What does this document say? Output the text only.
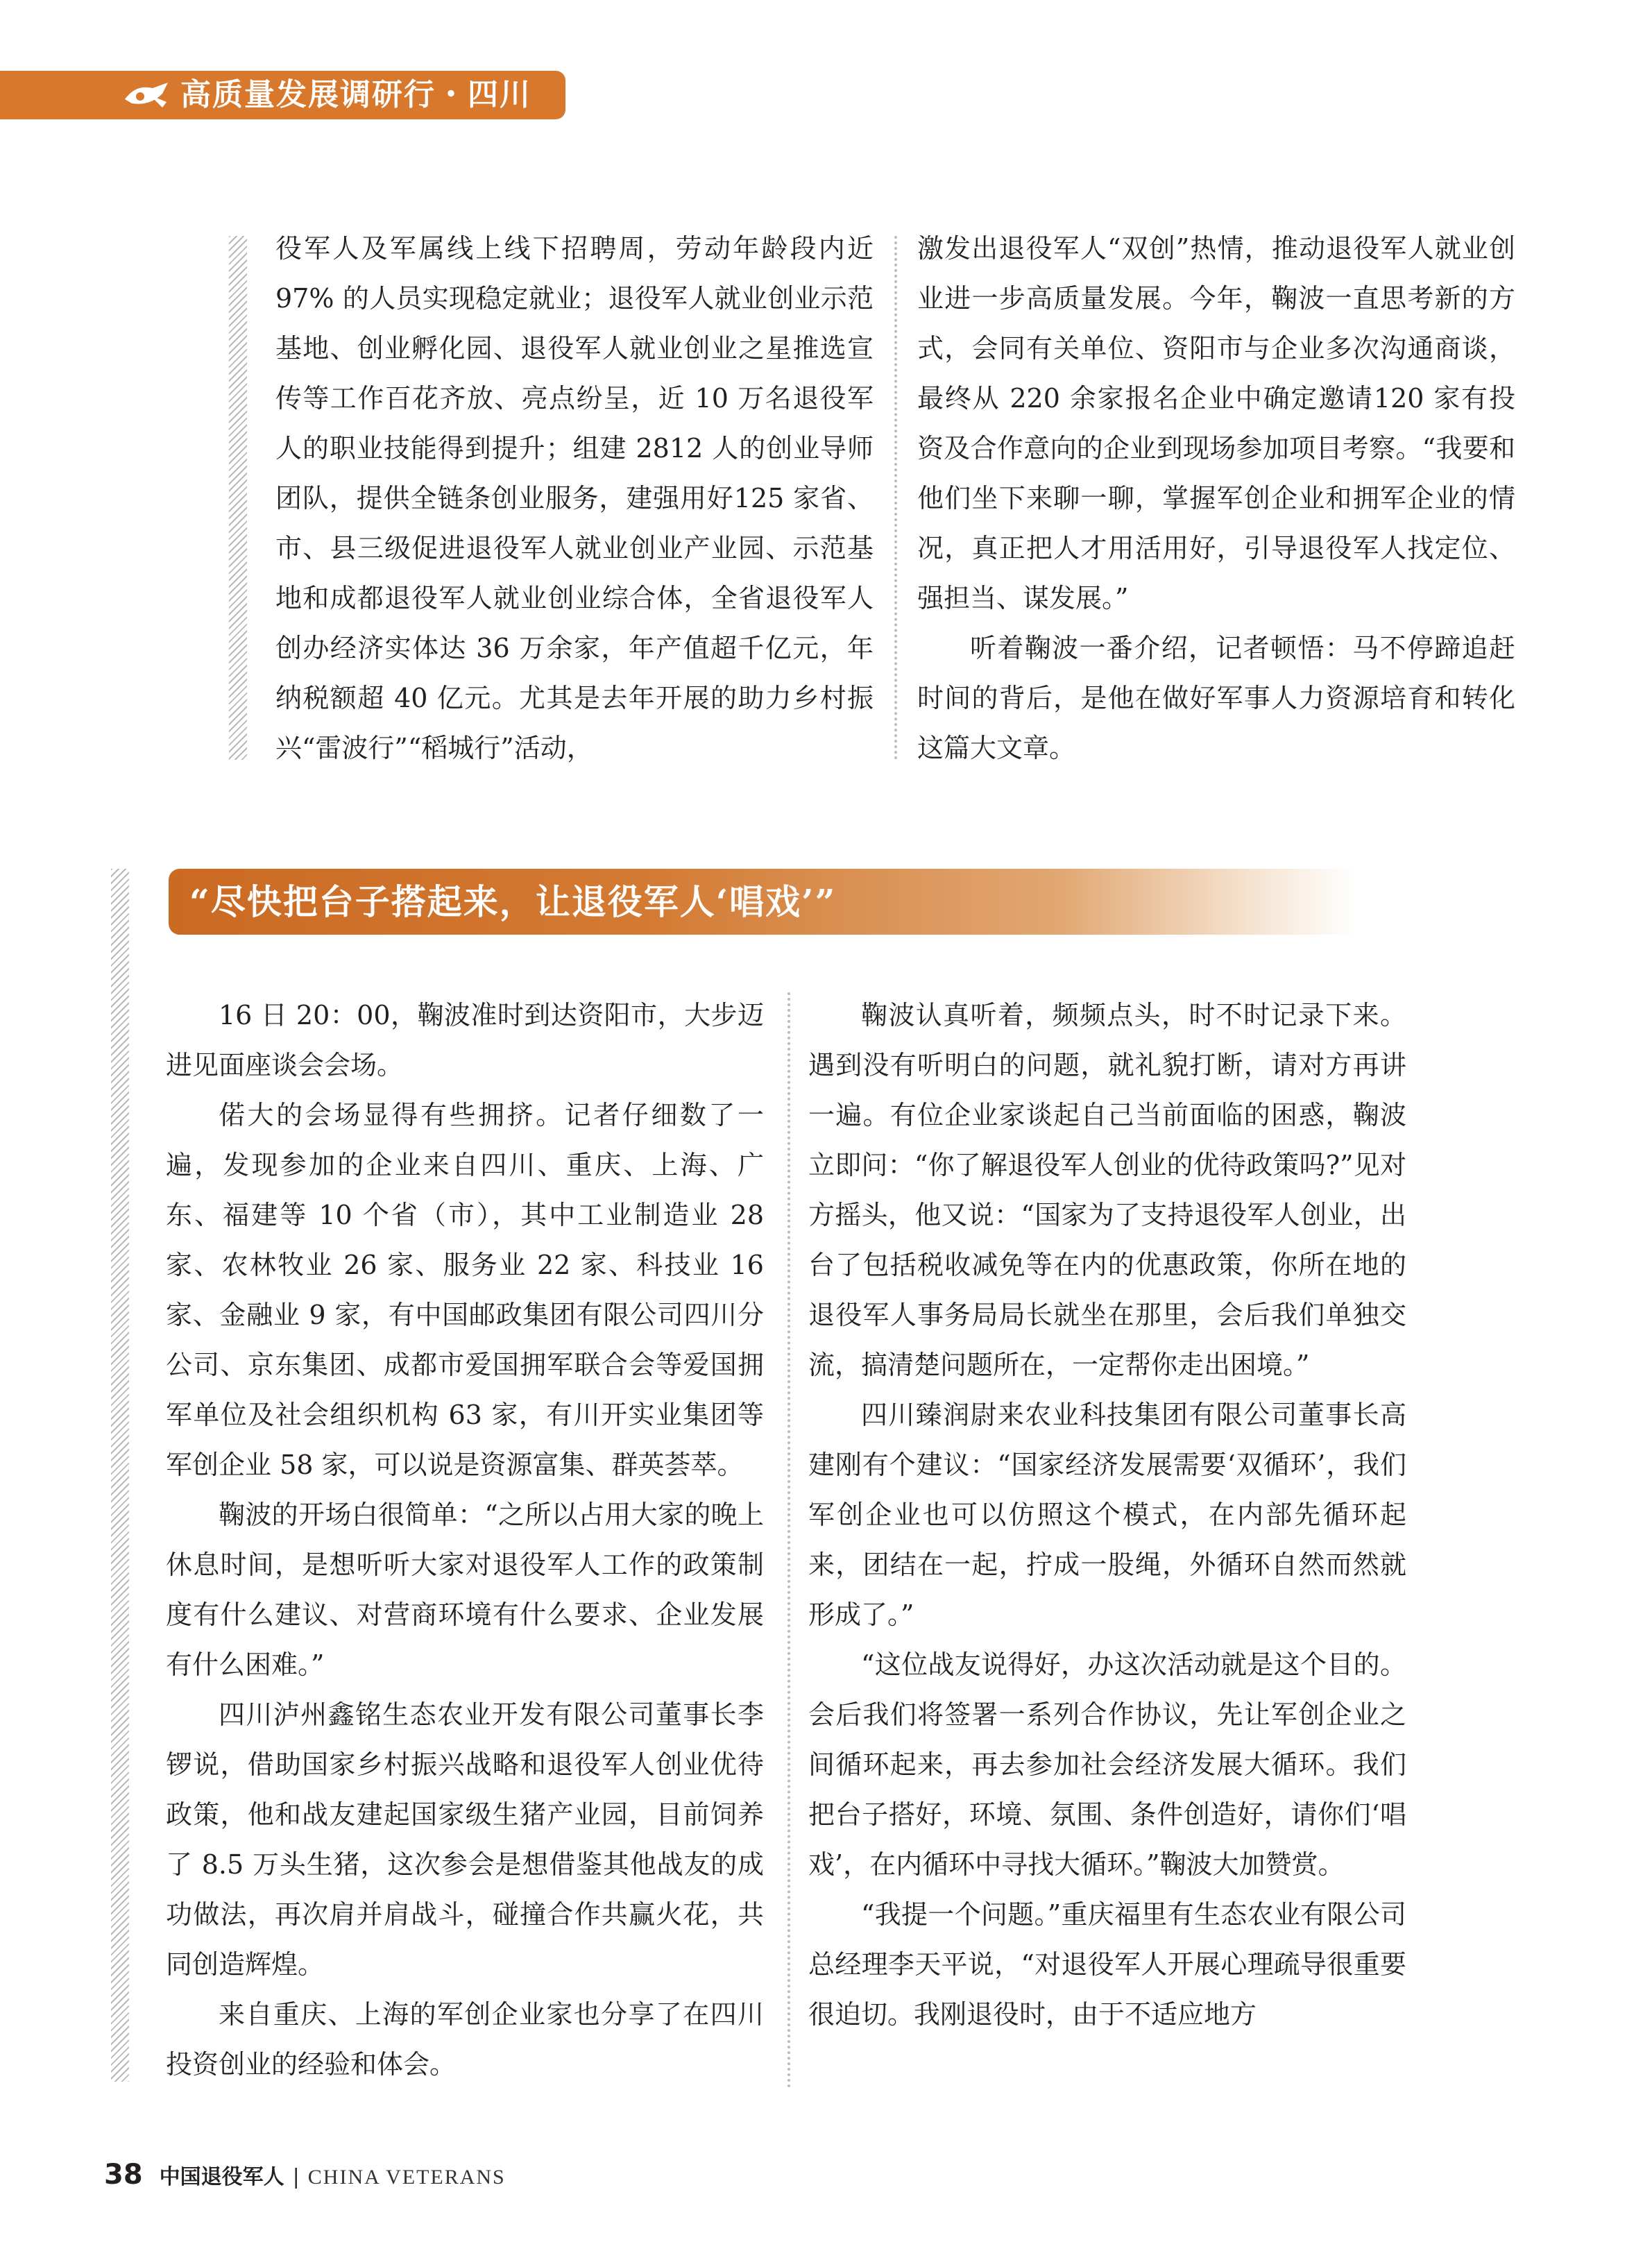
高质量发展调研行・四川

役军人及军属线上线下招聘周，劳动年龄段内近97% 的人员实现稳定就业；退役军人就业创业示范基地、创业孵化园、退役军人就业创业之星推选宣传等工作百花齐放、亮点纷呈，近 10 万名退役军人的职业技能得到提升；组建 2812 人的创业导师团队，提供全链条创业服务，建强用好125 家省、市、县三级促进退役军人就业创业产业园、示范基地和成都退役军人就业创业综合体，全省退役军人创办经济实体达 36 万余家，年产值超千亿元，年纳税额超 40 亿元。尤其是去年开展的助力乡村振兴“雷波行”“稻城行”活动，

激发出退役军人“双创”热情，推动退役军人就业创业进一步高质量发展。今年，鞠波一直思考新的方式，会同有关单位、资阳市与企业多次沟通商谈，最终从 220 余家报名企业中确定邀请120 家有投资及合作意向的企业到现场参加项目考察。“我要和他们坐下来聊一聊，掌握军创企业和拥军企业的情况，真正把人才用活用好，引导退役军人找定位、强担当、谋发展。”

听着鞠波一番介绍，记者顿悟：马不停蹄追赶时间的背后，是他在做好军事人力资源培育和转化这篇大文章。

“尽快把台子搭起来，让退役军人‘唱戏’”

16 日 20：00，鞠波准时到达资阳市，大步迈进见面座谈会会场。

偌大的会场显得有些拥挤。记者仔细数了一遍，发现参加的企业来自四川、重庆、上海、广东、福建等 10 个省（市），其中工业制造业 28 家、农林牧业 26 家、服务业 22 家、科技业 16 家、金融业 9 家，有中国邮政集团有限公司四川分公司、京东集团、成都市爱国拥军联合会等爱国拥军单位及社会组织机构 63 家，有川开实业集团等军创企业 58 家，可以说是资源富集、群英荟萃。

鞠波的开场白很简单：“之所以占用大家的晚上休息时间，是想听听大家对退役军人工作的政策制度有什么建议、对营商环境有什么要求、企业发展有什么困难。”

四川泸州鑫铭生态农业开发有限公司董事长李锣说，借助国家乡村振兴战略和退役军人创业优待政策，他和战友建起国家级生猪产业园，目前饲养了 8.5 万头生猪，这次参会是想借鉴其他战友的成功做法，再次肩并肩战斗，碰撞合作共赢火花，共同创造辉煌。

来自重庆、上海的军创企业家也分享了在四川投资创业的经验和体会。

鞠波认真听着，频频点头，时不时记录下来。遇到没有听明白的问题，就礼貌打断，请对方再讲一遍。有位企业家谈起自己当前面临的困惑，鞠波立即问：“你了解退役军人创业的优待政策吗?”见对方摇头，他又说：“国家为了支持退役军人创业，出台了包括税收减免等在内的优惠政策，你所在地的退役军人事务局局长就坐在那里，会后我们单独交流，搞清楚问题所在，一定帮你走出困境。”

四川臻润尉来农业科技集团有限公司董事长高建刚有个建议：“国家经济发展需要‘双循环’，我们军创企业也可以仿照这个模式，在内部先循环起来，团结在一起，拧成一股绳，外循环自然而然就形成了。”

“这位战友说得好，办这次活动就是这个目的。会后我们将签署一系列合作协议，先让军创企业之间循环起来，再去参加社会经济发展大循环。我们把台子搭好，环境、氛围、条件创造好，请你们‘唱戏’，在内循环中寻找大循环。”鞠波大加赞赏。

“我提一个问题。”重庆福里有生态农业有限公司总经理李天平说，“对退役军人开展心理疏导很重要很迫切。我刚退役时，由于不适应地方

38 中国退役军人 | CHINA VETERANS
